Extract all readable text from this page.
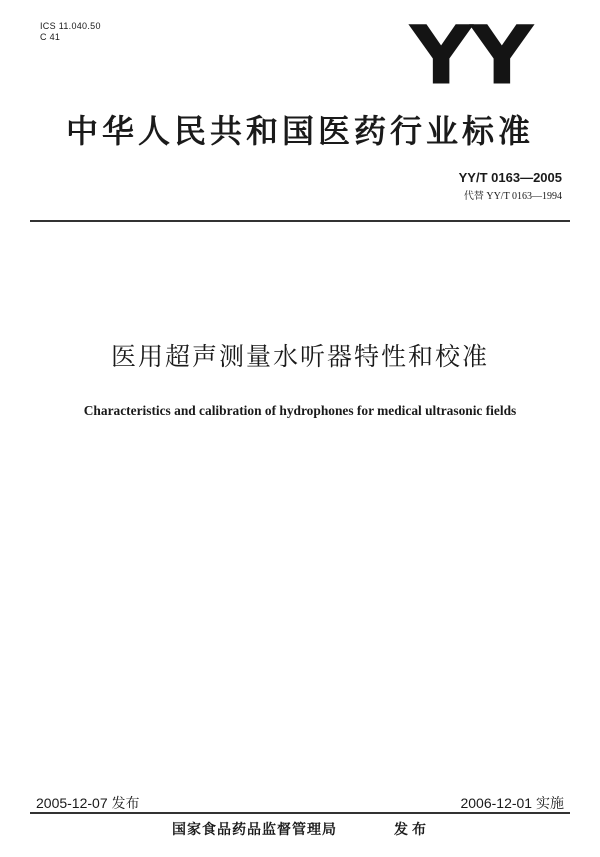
ICS 11.040.50
C 41	YY
中华人民共和国医药行业标准
YY/T 0163—2005
代替 YY/T 0163—1994
医用超声测量水听器特性和校准
Characteristics and calibration of hydrophones for medical ultrasonic fields
2005-12-07 发布	2006-12-01 实施
国家食品药品监督管理局	发布
